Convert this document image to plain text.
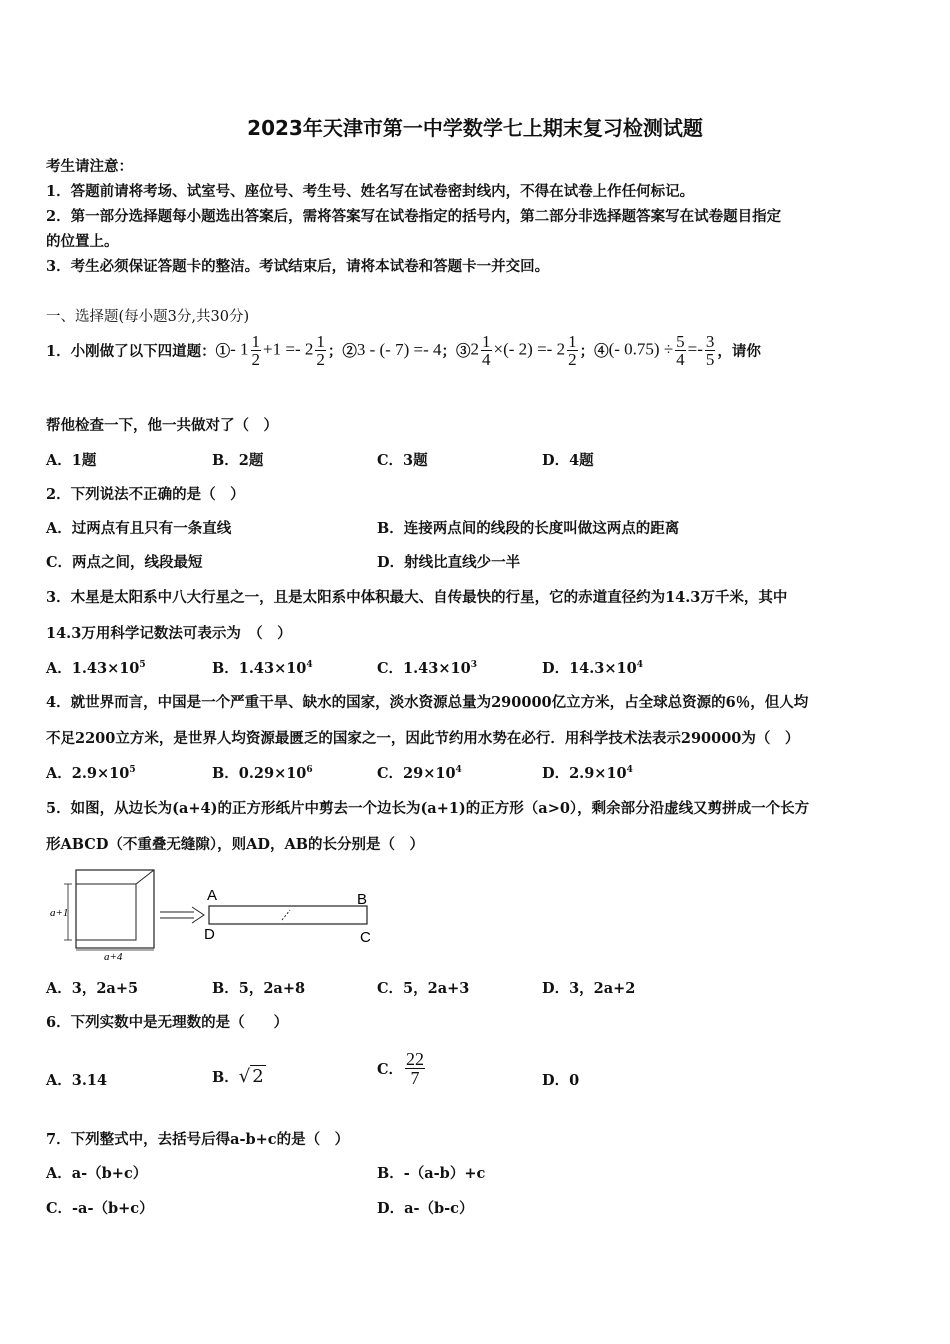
2023年天津市第一中学数学七上期末复习检测试题
考生请注意：
1．答题前请将考场、试室号、座位号、考生号、姓名写在试卷密封线内，不得在试卷上作任何标记。
2．第一部分选择题每小题选出答案后，需将答案写在试卷指定的括号内，第二部分非选择题答案写在试卷题目指定
的位置上。
3．考生必须保证答题卡的整洁。考试结束后，请将本试卷和答题卡一并交回。
一、选择题(每小题3分,共30分)
1．小刚做了以下四道题：① - $1 \frac{1}{2} +1 =- 2 \frac{1}{2}$ ；② 3 - (- 7) =- 4 ；③ $2 \frac{1}{4}$ ×(- $2) =- 2 \frac{1}{2}$ ；④ (- $0.75) \div \frac{5}{4} =- \frac{3}{5}$ ，请你
帮他检查一下，他一共做对了（　）
A．1题	B．2题	C．3题	D．4题
2．下列说法不正确的是（　）
A．过两点有且只有一条直线	B．连接两点间的线段的长度叫做这两点的距离
C．两点之间，线段最短	D．射线比直线少一半
3．木星是太阳系中八大行星之一，且是太阳系中体积最大、自传最快的行星，它的赤道直径约为14.3万千米，其中
14.3万用科学记数法可表示为　（　）
A．$1.43\times 10^5$	B．$1.43\times 10^4$	C．$1.43\times 10^3$	D．$14.3\times 10^4$
4．就世界而言，中国是一个严重干旱、缺水的国家，淡水资源总量为290000亿立方米，占全球总资源的6％，但人均
不足2200立方米，是世界人均资源最匮乏的国家之一，因此节约用水势在必行．用科学技术法表示290000为（　）
A．$2.9\times 10^5$	B．$0.29\times 10^6$	C．$29\times 10^4$	D．$2.9\times 10^4$
5．如图，从边长为(a+4)的正方形纸片中剪去一个边长为(a+1)的正方形（a>0），剩余部分沿虚线又剪拼成一个长方
形ABCD（不重叠无缝隙），则AD，AB的长分别是（　）
a+1
a+4
A	B
C
D
A．3，2a+5	B．5，2a+8	C．5，2a+3	D．3，2a+2
6．下列实数中是无理数的是（　　）
A．3.14	B．√ 2	C． $\frac{22}{7}$	D．0
7．下列整式中，去括号后得a-b+c的是（　）
A．a-（b+c）	B．-（a-b）+c
C．-a-（b+c）	D．a-（b-c）
